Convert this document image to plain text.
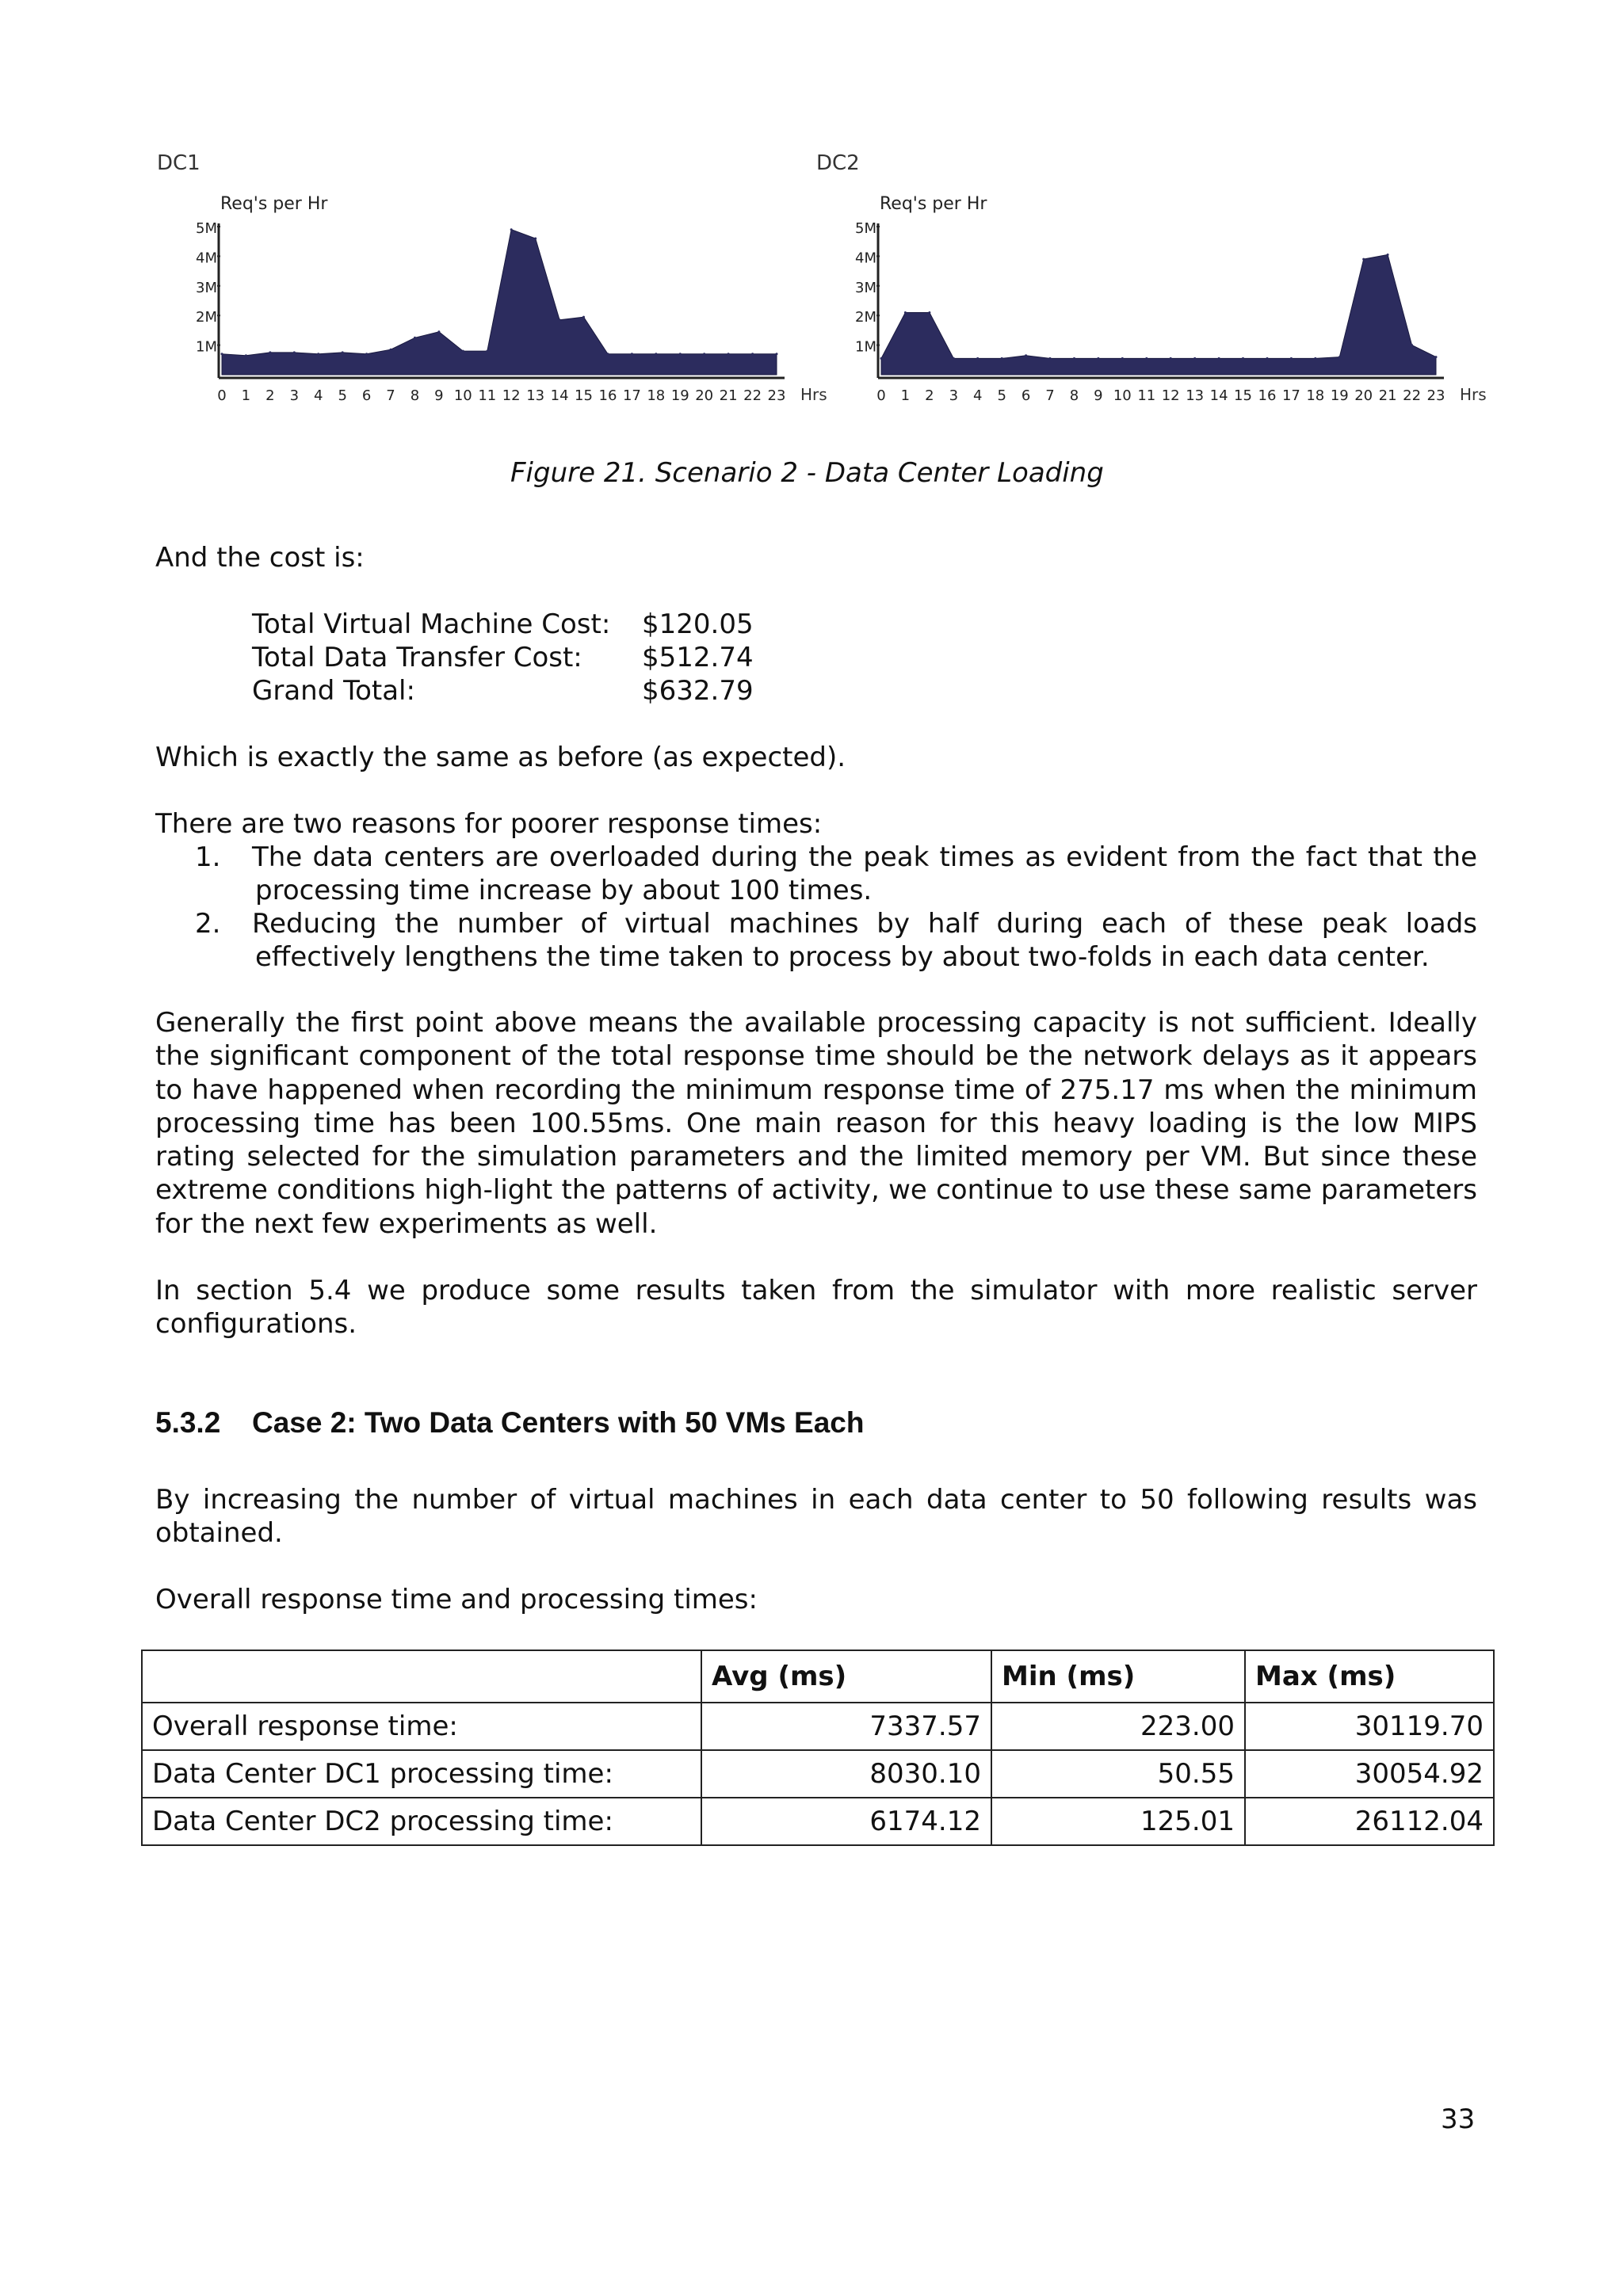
DC1
Req's per Hr
1M
2M
3M
4M
5M
0 1 2 3 4 5 6 7 8 9 10 11 12 13 14 15 16 17 18 19 20 21 22 23 Hrs
DC2
Req's per Hr
1M
2M
3M
4M
5M
0 1 2 3 4 5 6 7 8 9 10 11 12 13 14 15 16 17 18 19 20 21 22 23 Hrs
Figure 21. Scenario 2 - Data Center Loading
And the cost is:
Total Virtual Machine Cost: $120.05
Total Data Transfer Cost: $512.74
Grand Total:	$632.79
Which is exactly the same as before (as expected).
There are two reasons for poorer response times:
1. The data centers are overloaded during the peak times as evident from the fact that the
processing time increase by about 100 times.
2. Reducing the number of virtual machines by half during each of these peak loads
effectively lengthens the time taken to process by about two-folds in each data center.
Generally the first point above means the available processing capacity is not sufficient. Ideally the significant component of the total response time should be the network delays as it appears to have happened when recording the minimum response time of 275.17 ms when the minimum processing time has been 100.55ms. One main reason for this heavy loading is the low MIPS rating selected for the simulation parameters and the limited memory per VM. But since these extreme conditions high-light the patterns of activity, we continue to use these same parameters for the next few experiments as well.
In section 5.4 we produce some results taken from the simulator with more realistic server configurations.
5.3.2 Case 2: Two Data Centers with 50 VMs Each
By increasing the number of virtual machines in each data center to 50 following results was obtained.
Overall response time and processing times:
	Avg (ms)	Min (ms)	Max (ms)
Overall response time:	7337.57	223.00	30119.70
Data Center DC1 processing time:	8030.10	50.55	30054.92
Data Center DC2 processing time:	6174.12	125.01	26112.04
33
